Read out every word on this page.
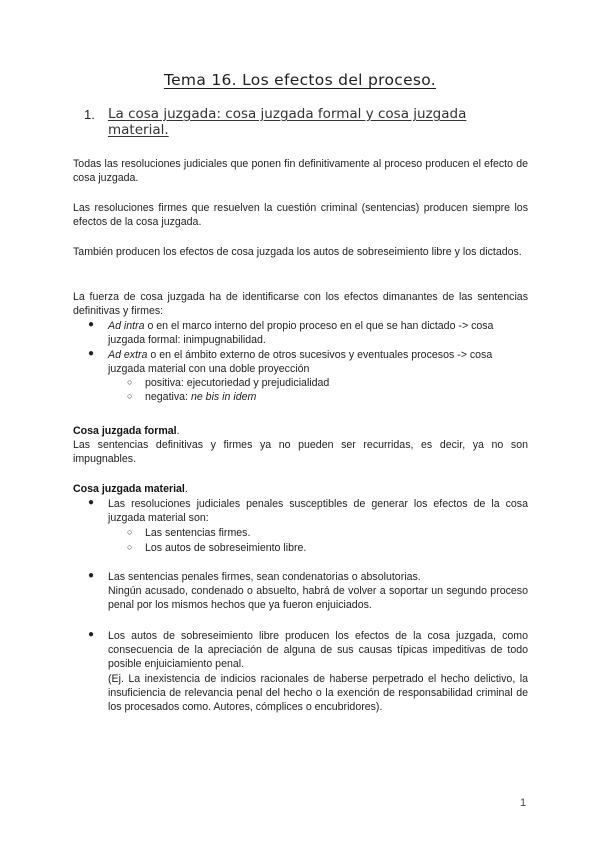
Tema 16. Los efectos del proceso.
1. La cosa juzgada: cosa juzgada formal y cosa juzgada material.

Todas las resoluciones judiciales que ponen fin definitivamente al proceso producen el efecto de cosa juzgada.

Las resoluciones firmes que resuelven la cuestión criminal (sentencias) producen siempre los efectos de la cosa juzgada.

También producen los efectos de cosa juzgada los autos de sobreseimiento libre y los dictados.

La fuerza de cosa juzgada ha de identificarse con los efectos dimanantes de las sentencias definitivas y firmes:

● Ad intra o en el marco interno del propio proceso en el que se han dictado -> cosa juzgada formal: inimpugnabilidad.

● Ad extra o en el ámbito externo de otros sucesivos y eventuales procesos -> cosa juzgada material con una doble proyección

○ positiva: ejecutoriedad y prejudicialidad

○ negativa: ne bis in idem

Cosa juzgada formal.

Las sentencias definitivas y firmes ya no pueden ser recurridas, es decir, ya no son impugnables.

Cosa juzgada material.

● Las resoluciones judiciales penales susceptibles de generar los efectos de la cosa juzgada material son:

○ Las sentencias firmes.

○ Los autos de sobreseimiento libre.

● Las sentencias penales firmes, sean condenatorias o absolutorias.

Ningún acusado, condenado o absuelto, habrá de volver a soportar un segundo proceso penal por los mismos hechos que ya fueron enjuiciados.

● Los autos de sobreseimiento libre producen los efectos de la cosa juzgada, como consecuencia de la apreciación de alguna de sus causas típicas impeditivas de todo posible enjuiciamiento penal.

(Ej. La inexistencia de indicios racionales de haberse perpetrado el hecho delictivo, la insuficiencia de relevancia penal del hecho o la exención de responsabilidad criminal de los procesados como. Autores, cómplices o encubridores).

1
